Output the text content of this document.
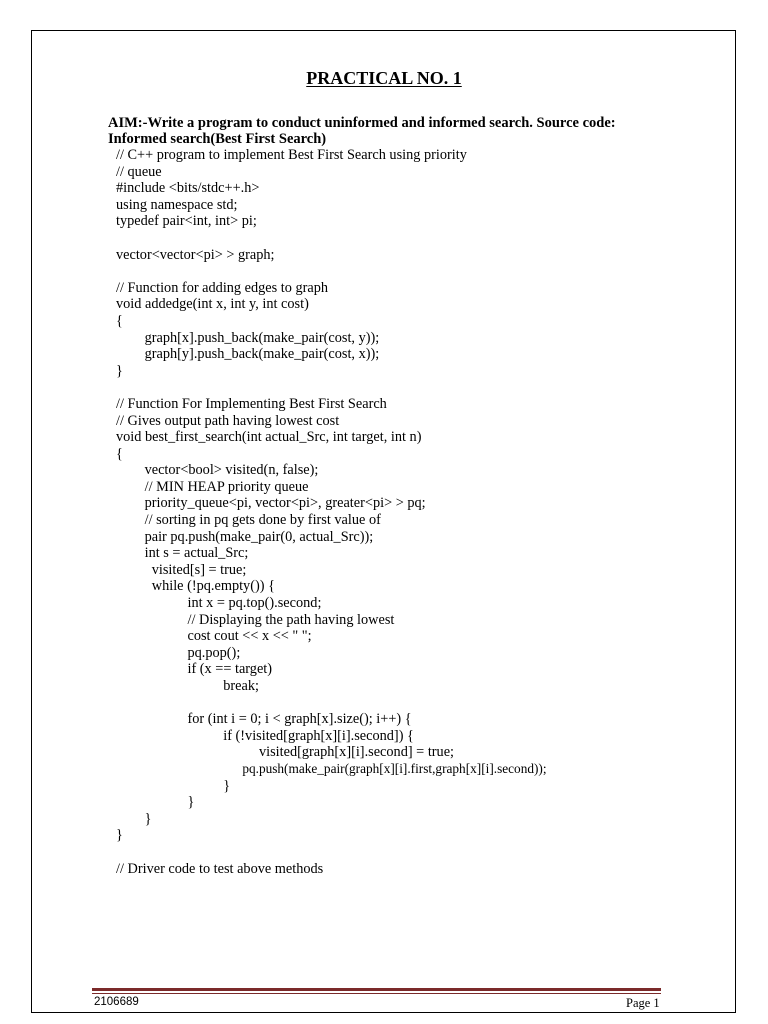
PRACTICAL NO. 1
AIM:-Write a program to conduct uninformed and informed search. Source code:
Informed search(Best First Search)
// C++ program to implement Best First Search using priority
// queue
#include <bits/stdc++.h>
using namespace std;
typedef pair<int, int> pi;
vector<vector<pi> > graph;
// Function for adding edges to graph
void addedge(int x, int y, int cost)
{
graph[x].push_back(make_pair(cost, y));
graph[y].push_back(make_pair(cost, x));
}
// Function For Implementing Best First Search
// Gives output path having lowest cost
void best_first_search(int actual_Src, int target, int n)
{
vector<bool> visited(n, false);
// MIN HEAP priority queue
priority_queue<pi, vector<pi>, greater<pi> > pq;
// sorting in pq gets done by first value of
pair pq.push(make_pair(0, actual_Src));
int s = actual_Src;
visited[s] = true;
while (!pq.empty()) {
int x = pq.top().second;
// Displaying the path having lowest
cost cout << x << " ";
pq.pop();
if (x == target)
break;
for (int i = 0; i < graph[x].size(); i++) {
if (!visited[graph[x][i].second]) {
visited[graph[x][i].second] = true;
pq.push(make_pair(graph[x][i].first,graph[x][i].second));
}
}
}
}
// Driver code to test above methods
2106689	Page 1
